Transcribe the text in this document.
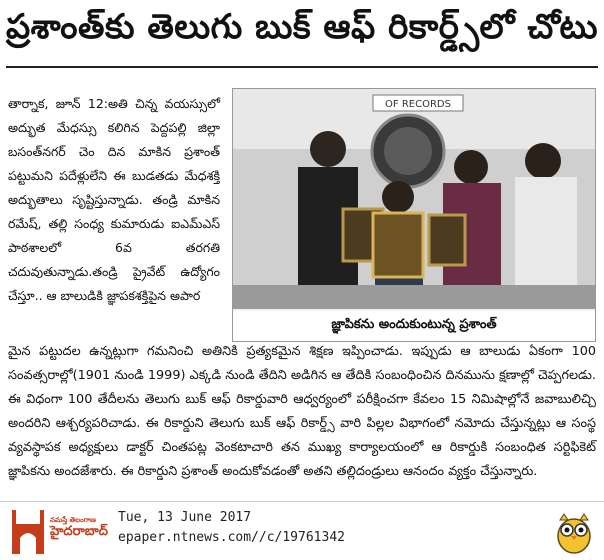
ప్రశాంత్‌కు తెలుగు బుక్ ఆఫ్ రికార్డ్స్‌లో చోటు

తార్నాక, జూన్ 12:అతి చిన్న వయస్సులో అద్భుత మేధస్సు కలిగిన పెద్దపల్లి జిల్లా బసంత్‌నగర్ చెం దిన మాకిన ప్రశాంత్ పట్టుమని పదేళ్లులేని ఈ బుడతడు మేధశక్తి అద్భుతాలు సృష్టిస్తున్నాడు. తండ్రి మాకిన రమేష్, తల్లి సంధ్య కుమారుడు ఐఎమ్‌ఎస్ పాఠశాలలో 6వ తరగతి చదువుతున్నాడు.తండ్రి ప్రైవేట్ ఉద్యోగం చేస్తూ.. ఆ బాలుడికి జ్ఞాపకశక్తిపైన అపార

OF RECORDS
జ్ఞాపికను అందుకుంటున్న ప్రశాంత్

మైన పట్టుదల ఉన్నట్లుగా గమనించి అతినికి ప్రత్యకమైన శిక్షణ ఇప్పించాడు. ఇప్పుడు ఆ బాలుడు ఏకంగా 100 సంవత్సరాల్లో(1901 నుండి 1999) ఎక్కడి నుండి తేదిని అడిగిన ఆ తేదికి సంబంధించిన దినమును క్షణాల్లో చెప్పగలడు. ఈ విధంగా 100 తేదీలను తెలుగు బుక్ ఆఫ్ రికార్డువారి ఆధ్వర్యంలో పరీక్షించగా కేవలం 15 నిమిషాల్లోనే జవాబులిచ్చి అందరిని ఆశ్చర్యపరిచాడు. ఈ రికార్డుని తెలుగు బుక్ ఆఫ్ రికార్డ్స్ వారి పిల్లల విభాగంలో నమోదు చేస్తున్నట్లు ఆ సంస్థ వ్యవస్థాపక అధ్యక్షులు డాక్టర్ చింతపట్ల వెంకటాచారి తన ముఖ్య కార్యాలయంలో ఆ రికార్డుకి సంబంధిత సర్టిఫికెట్ జ్ఞాపికను అందజేశారు. ఈ రికార్డుని ప్రశాంత్ అందుకోవడంతో అతని తల్లిదండ్రులు ఆనందం వ్యక్తం చేస్తున్నారు.

నమస్తే తెలంగాణ
హైదరాబాద్
Tue, 13 June 2017
epaper.ntnews.com//c/19761342
